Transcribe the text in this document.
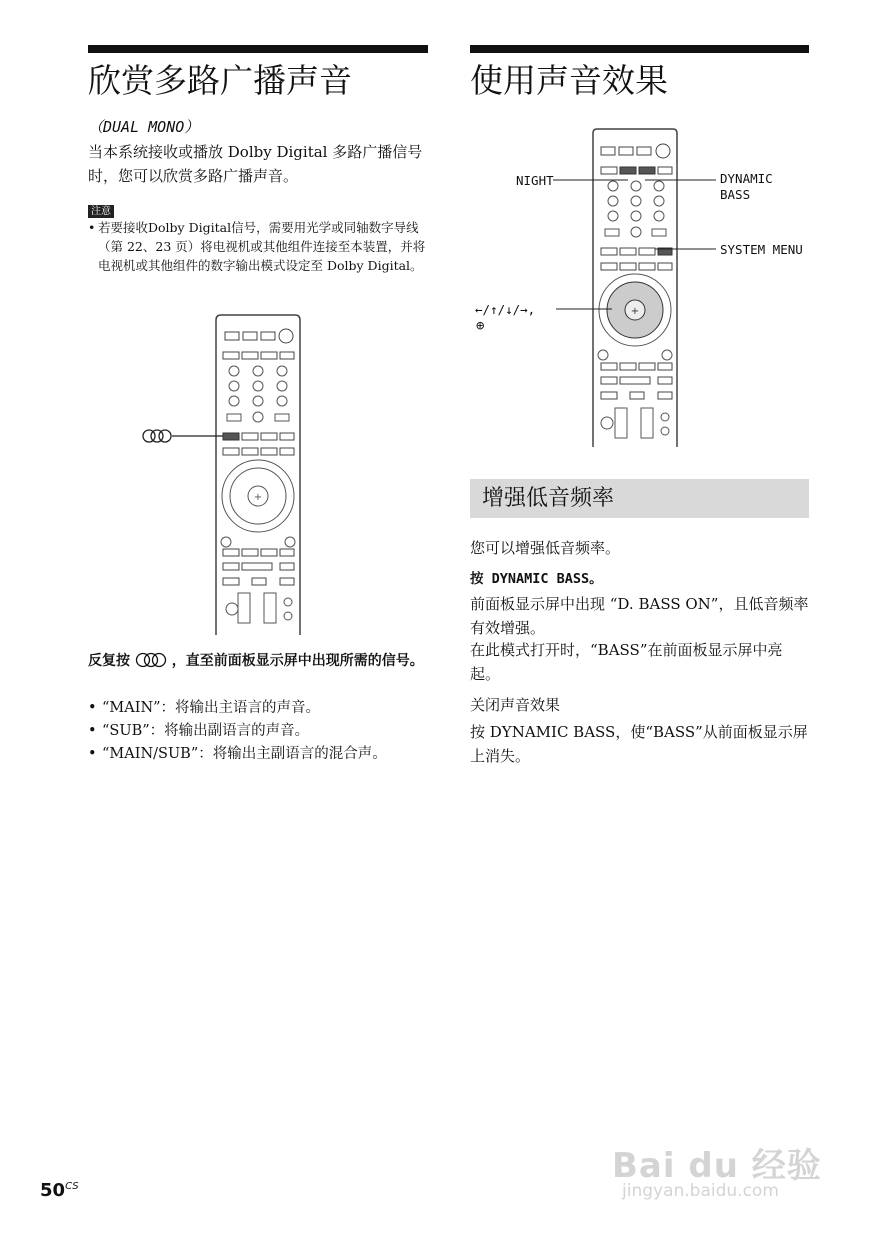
欣赏多路广播声音
（DUAL MONO）
当本系统接收或播放 Dolby Digital 多路广播信号时，您可以欣赏多路广播声音。
注意
• 若要接收Dolby Digital信号，需要用光学或同轴数字导线（第 22、23 页）将电视机或其他组件连接至本装置，并将电视机或其他组件的数字输出模式设定至 Dolby Digital。
+
反复按	，直至前面板显示屏中出现所需的信号。
• “MAIN”：将输出主语言的声音。
• “SUB”：将输出副语言的声音。
• “MAIN/SUB”：将输出主副语言的混合声。
使用声音效果
+
NIGHT	DYNAMIC
BASS
SYSTEM MENU
←/↑/↓/→,
⊕
增强低音频率
您可以增强低音频率。
按 DYNAMIC BASS。
前面板显示屏中出现 “D. BASS ON”，且低音频率有效增强。
在此模式打开时，“BASS”在前面板显示屏中亮起。
关闭声音效果
按 DYNAMIC BASS，使“BASS”从前面板显示屏上消失。
$50^{CS}$
Bai du 经验
jingyan.baidu.com
